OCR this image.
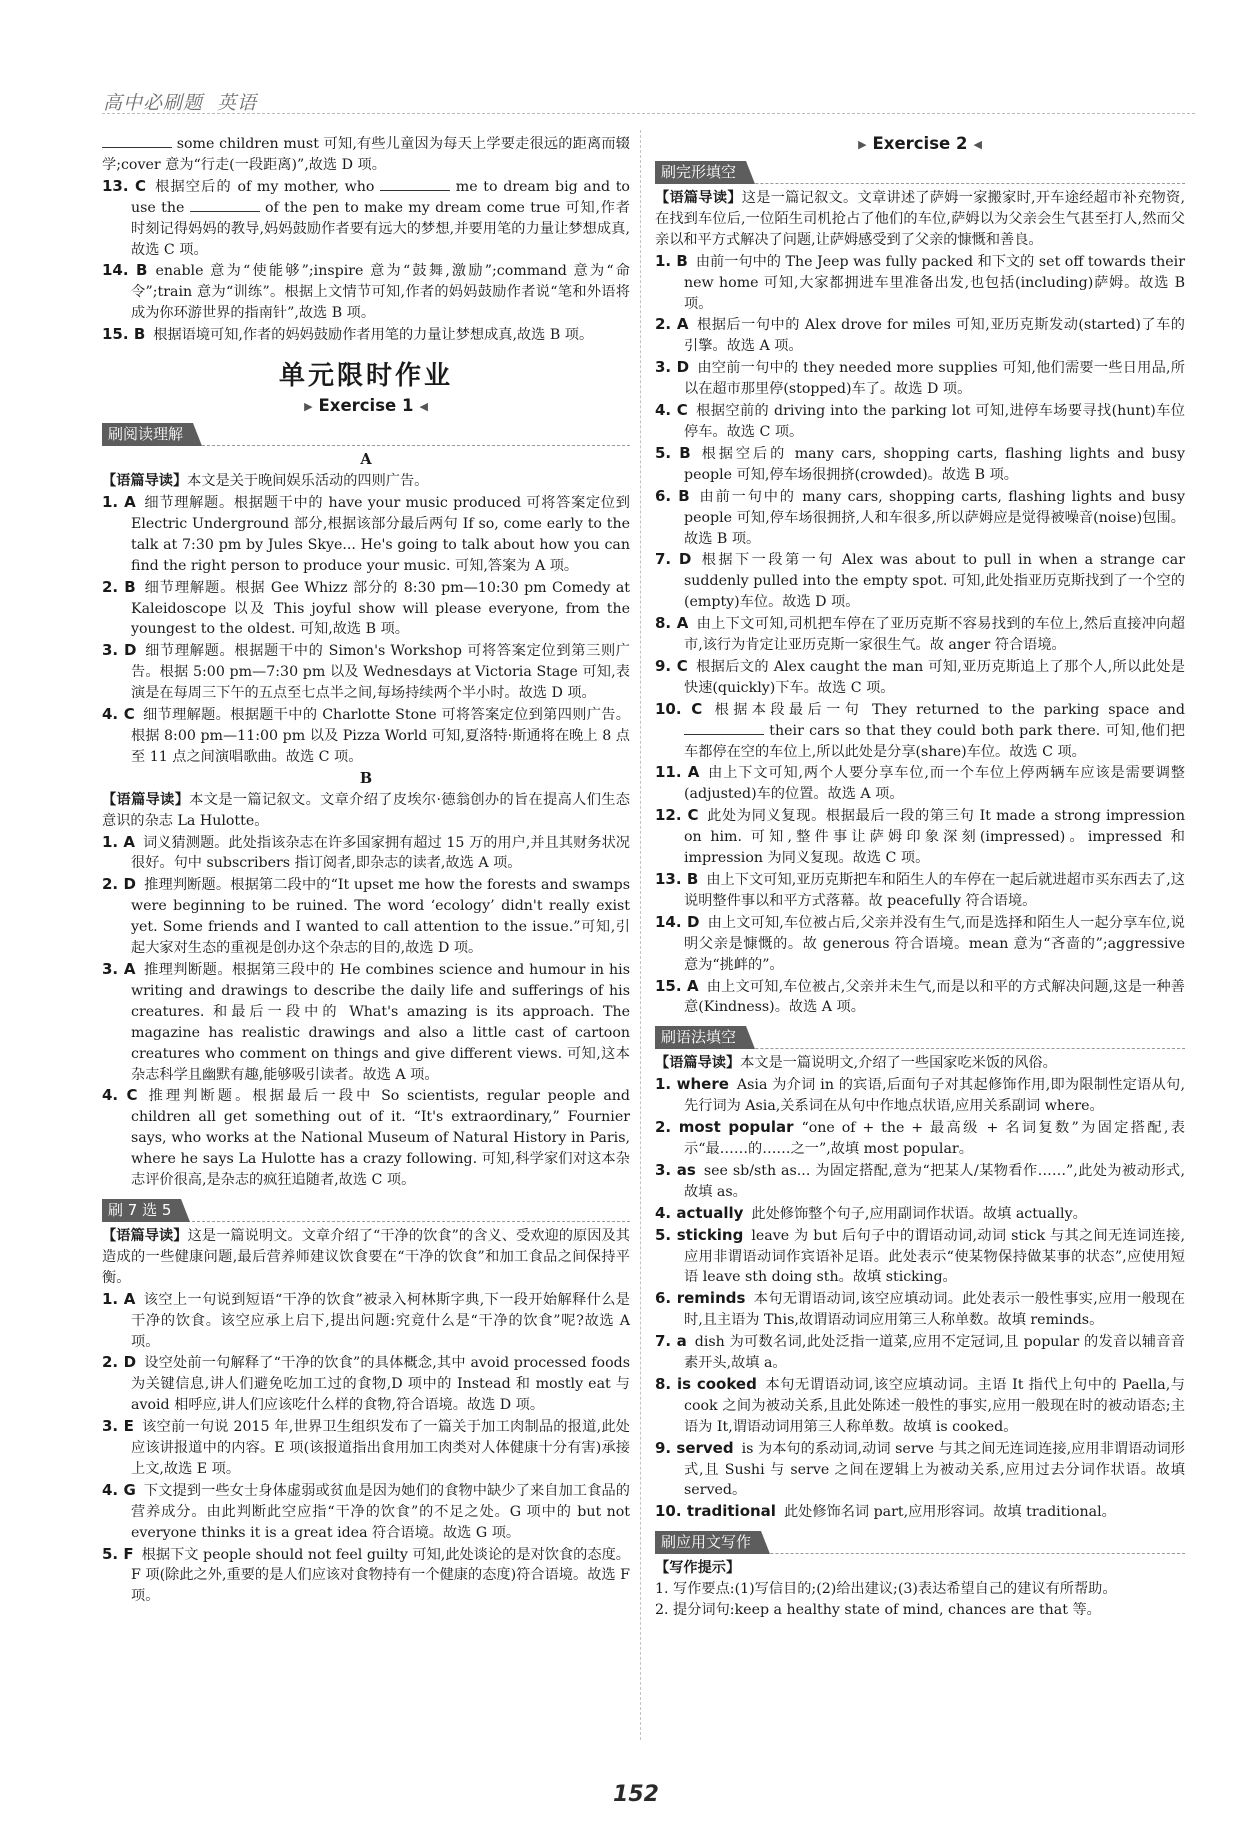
高中必刷题 英语

some children must 可知,有些儿童因为每天上学要走很远的距离而辍学;cover 意为“行走(一段距离)”,故选 D 项。

13. C 根据空后的 of my mother, who	me to dream big and to use the	of the pen to make my dream come true 可知,作者时刻记得妈妈的教导,妈妈鼓励作者要有远大的梦想,并要用笔的力量让梦想成真,故选 C 项。
14. B enable 意为“使能够”;inspire 意为“鼓舞,激励”;command 意为“命令”;train 意为“训练”。根据上文情节可知,作者的妈妈鼓励作者说“笔和外语将成为你环游世界的指南针”,故选 B 项。
15. B 根据语境可知,作者的妈妈鼓励作者用笔的力量让梦想成真,故选 B 项。
单元限时作业
▶ Exercise 1 ◀
刷阅读理解
A

【语篇导读】本文是关于晚间娱乐活动的四则广告。

1. A 细节理解题。根据题干中的 have your music produced 可将答案定位到 Electric Underground 部分,根据该部分最后两句 If so, come early to the talk at 7:30 pm by Jules Skye... He's going to talk about how you can find the right person to produce your music. 可知,答案为 A 项。
2. B 细节理解题。根据 Gee Whizz 部分的 8:30 pm—10:30 pm Comedy at Kaleidoscope 以及 This joyful show will please everyone, from the youngest to the oldest. 可知,故选 B 项。
3. D 细节理解题。根据题干中的 Simon's Workshop 可将答案定位到第三则广告。根据 5:00 pm—7:30 pm 以及 Wednesdays at Victoria Stage 可知,表演是在每周三下午的五点至七点半之间,每场持续两个半小时。故选 D 项。
4. C 细节理解题。根据题干中的 Charlotte Stone 可将答案定位到第四则广告。根据 8:00 pm—11:00 pm 以及 Pizza World 可知,夏洛特·斯通将在晚上 8 点至 11 点之间演唱歌曲。故选 C 项。
B

【语篇导读】本文是一篇记叙文。文章介绍了皮埃尔·德翁创办的旨在提高人们生态意识的杂志 La Hulotte。

1. A 词义猜测题。此处指该杂志在许多国家拥有超过 15 万的用户,并且其财务状况很好。句中 subscribers 指订阅者,即杂志的读者,故选 A 项。
2. D 推理判断题。根据第二段中的“It upset me how the forests and swamps were beginning to be ruined. The word ‘ecology’ didn't really exist yet. Some friends and I wanted to call attention to the issue.”可知,引起大家对生态的重视是创办这个杂志的目的,故选 D 项。
3. A 推理判断题。根据第三段中的 He combines science and humour in his writing and drawings to describe the daily life and sufferings of his creatures. 和最后一段中的 What's amazing is its approach. The magazine has realistic drawings and also a little cast of cartoon creatures who comment on things and give different views. 可知,这本杂志科学且幽默有趣,能够吸引读者。故选 A 项。
4. C 推理判断题。根据最后一段中 So scientists, regular people and children all get something out of it. “It's extraordinary,” Fournier says, who works at the National Museum of Natural History in Paris, where he says La Hulotte has a crazy following. 可知,科学家们对这本杂志评价很高,是杂志的疯狂追随者,故选 C 项。
刷 7 选 5

【语篇导读】这是一篇说明文。文章介绍了“干净的饮食”的含义、受欢迎的原因及其造成的一些健康问题,最后营养师建议饮食要在“干净的饮食”和加工食品之间保持平衡。

1. A 该空上一句说到短语“干净的饮食”被录入柯林斯字典,下一段开始解释什么是干净的饮食。该空应承上启下,提出问题:究竟什么是“干净的饮食”呢?故选 A 项。
2. D 设空处前一句解释了“干净的饮食”的具体概念,其中 avoid processed foods 为关键信息,讲人们避免吃加工过的食物,D 项中的 Instead 和 mostly eat 与 avoid 相呼应,讲人们应该吃什么样的食物,符合语境。故选 D 项。
3. E 该空前一句说 2015 年,世界卫生组织发布了一篇关于加工肉制品的报道,此处应该讲报道中的内容。E 项(该报道指出食用加工肉类对人体健康十分有害)承接上文,故选 E 项。
4. G 下文提到一些女士身体虚弱或贫血是因为她们的食物中缺少了来自加工食品的营养成分。由此判断此空应指“干净的饮食”的不足之处。G 项中的 but not everyone thinks it is a great idea 符合语境。故选 G 项。
5. F 根据下文 people should not feel guilty 可知,此处谈论的是对饮食的态度。F 项(除此之外,重要的是人们应该对食物持有一个健康的态度)符合语境。故选 F 项。
▶ Exercise 2 ◀
刷完形填空

【语篇导读】这是一篇记叙文。文章讲述了萨姆一家搬家时,开车途经超市补充物资,在找到车位后,一位陌生司机抢占了他们的车位,萨姆以为父亲会生气甚至打人,然而父亲以和平方式解决了问题,让萨姆感受到了父亲的慷慨和善良。

1. B 由前一句中的 The Jeep was fully packed 和下文的 set off towards their new home 可知,大家都拥进车里准备出发,也包括(including)萨姆。故选 B 项。
2. A 根据后一句中的 Alex drove for miles 可知,亚历克斯发动(started)了车的引擎。故选 A 项。
3. D 由空前一句中的 they needed more supplies 可知,他们需要一些日用品,所以在超市那里停(stopped)车了。故选 D 项。
4. C 根据空前的 driving into the parking lot 可知,进停车场要寻找(hunt)车位停车。故选 C 项。
5. B 根据空后的 many cars, shopping carts, flashing lights and busy people 可知,停车场很拥挤(crowded)。故选 B 项。
6. B 由前一句中的 many cars, shopping carts, flashing lights and busy people 可知,停车场很拥挤,人和车很多,所以萨姆应是觉得被噪音(noise)包围。故选 B 项。
7. D 根据下一段第一句 Alex was about to pull in when a strange car suddenly pulled into the empty spot. 可知,此处指亚历克斯找到了一个空的(empty)车位。故选 D 项。
8. A 由上下文可知,司机把车停在了亚历克斯不容易找到的车位上,然后直接冲向超市,该行为肯定让亚历克斯一家很生气。故 anger 符合语境。
9. C 根据后文的 Alex caught the man 可知,亚历克斯追上了那个人,所以此处是快速(quickly)下车。故选 C 项。
10. C 根据本段最后一句 They returned to the parking space and  their cars so that they could both park there. 可知,他们把车都停在空的车位上,所以此处是分享(share)车位。故选 C 项。
11. A 由上下文可知,两个人要分享车位,而一个车位上停两辆车应该是需要调整(adjusted)车的位置。故选 A 项。
12. C 此处为同义复现。根据最后一段的第三句 It made a strong impression on him. 可知,整件事让萨姆印象深刻(impressed)。impressed 和 impression 为同义复现。故选 C 项。
13. B 由上下文可知,亚历克斯把车和陌生人的车停在一起后就进超市买东西去了,这说明整件事以和平方式落幕。故 peacefully 符合语境。
14. D 由上文可知,车位被占后,父亲并没有生气,而是选择和陌生人一起分享车位,说明父亲是慷慨的。故 generous 符合语境。mean 意为“吝啬的”;aggressive 意为“挑衅的”。
15. A 由上文可知,车位被占,父亲并未生气,而是以和平的方式解决问题,这是一种善意(Kindness)。故选 A 项。
刷语法填空

【语篇导读】本文是一篇说明文,介绍了一些国家吃米饭的风俗。

1. where Asia 为介词 in 的宾语,后面句子对其起修饰作用,即为限制性定语从句,先行词为 Asia,关系词在从句中作地点状语,应用关系副词 where。
2. most popular “one of + the + 最高级 + 名词复数”为固定搭配,表示“最……的……之一”,故填 most popular。
3. as see sb/sth as... 为固定搭配,意为“把某人/某物看作……”,此处为被动形式,故填 as。
4. actually 此处修饰整个句子,应用副词作状语。故填 actually。
5. sticking leave 为 but 后句子中的谓语动词,动词 stick 与其之间无连词连接,应用非谓语动词作宾语补足语。此处表示“使某物保持做某事的状态”,应使用短语 leave sth doing sth。故填 sticking。
6. reminds 本句无谓语动词,该空应填动词。此处表示一般性事实,应用一般现在时,且主语为 This,故谓语动词应用第三人称单数。故填 reminds。
7. a dish 为可数名词,此处泛指一道菜,应用不定冠词,且 popular 的发音以辅音音素开头,故填 a。
8. is cooked 本句无谓语动词,该空应填动词。主语 It 指代上句中的 Paella,与 cook 之间为被动关系,且此处陈述一般性的事实,应用一般现在时的被动语态;主语为 It,谓语动词用第三人称单数。故填 is cooked。
9. served is 为本句的系动词,动词 serve 与其之间无连词连接,应用非谓语动词形式,且 Sushi 与 serve 之间在逻辑上为被动关系,应用过去分词作状语。故填 served。
10. traditional 此处修饰名词 part,应用形容词。故填 traditional。
刷应用文写作

【写作提示】

1. 写作要点:(1)写信目的;(2)给出建议;(3)表达希望自己的建议有所帮助。

2. 提分词句:keep a healthy state of mind, chances are that 等。

152
